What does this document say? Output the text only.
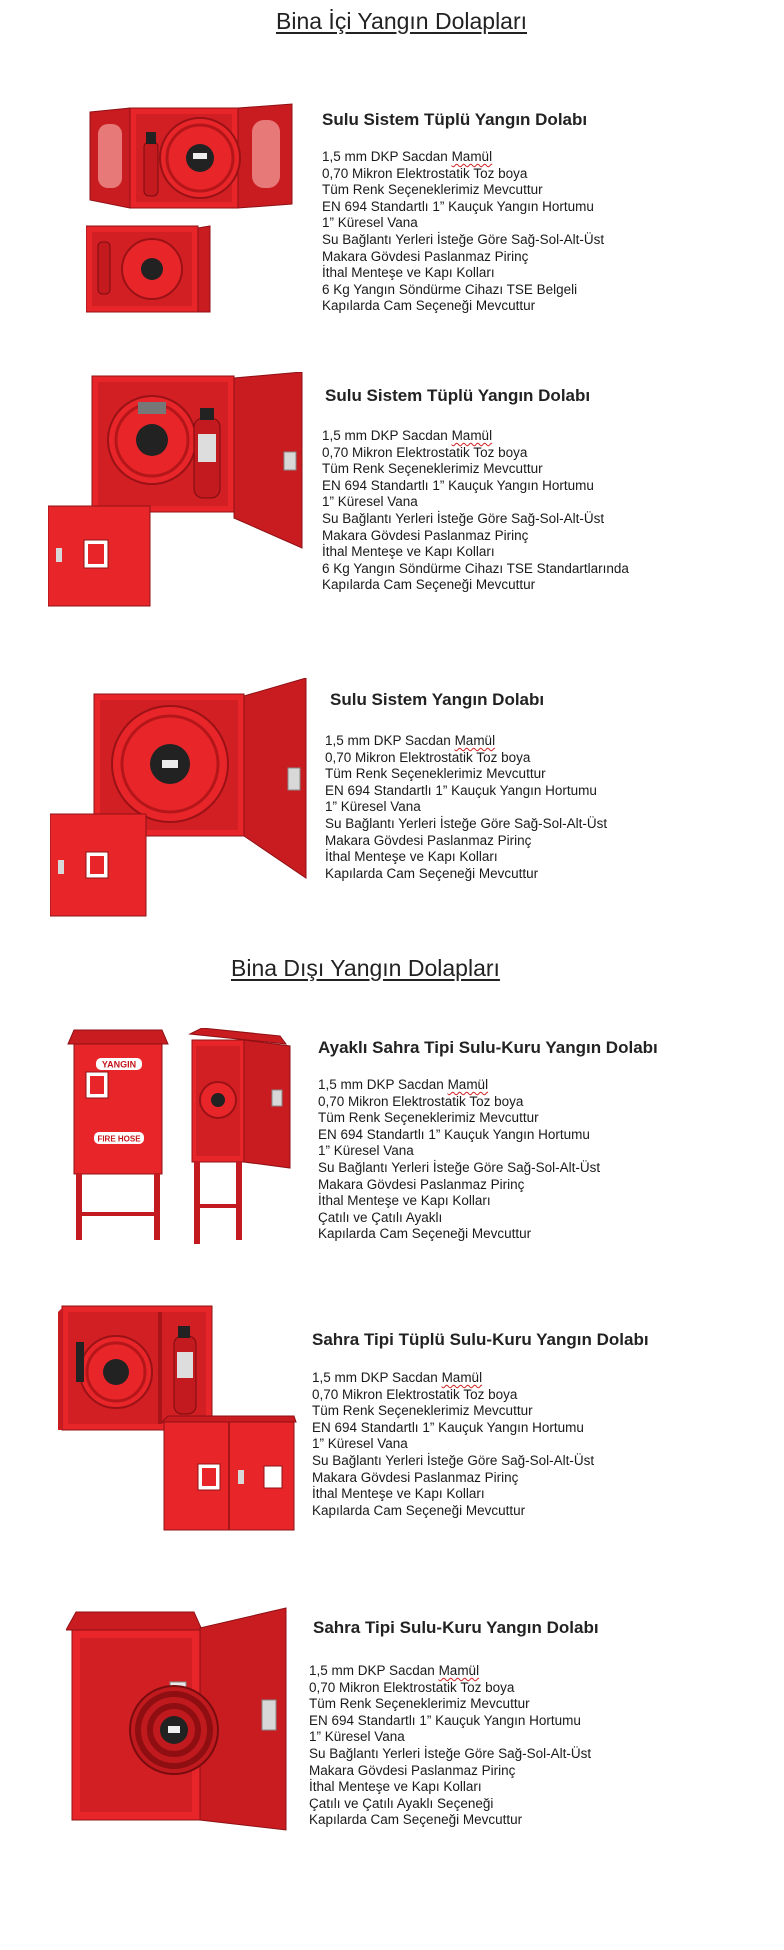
Bina İçi Yangın Dolapları
Bina Dışı Yangın Dolapları
Sulu Sistem Tüplü Yangın Dolabı
1,5 mm DKP Sacdan Mamül
0,70 Mikron Elektrostatik Toz boya
Tüm Renk Seçeneklerimiz Mevcuttur
EN 694 Standartlı 1” Kauçuk Yangın Hortumu
1” Küresel Vana
Su Bağlantı Yerleri İsteğe Göre Sağ-Sol-Alt-Üst
Makara Gövdesi Paslanmaz Pirinç
İthal Menteşe ve Kapı Kolları
6 Kg Yangın Söndürme Cihazı TSE Belgeli
Kapılarda Cam Seçeneği Mevcuttur
Sulu Sistem Tüplü Yangın Dolabı
1,5 mm DKP Sacdan Mamül
0,70 Mikron Elektrostatik Toz boya
Tüm Renk Seçeneklerimiz Mevcuttur
EN 694 Standartlı 1” Kauçuk Yangın Hortumu
1” Küresel Vana
Su Bağlantı Yerleri İsteğe Göre Sağ-Sol-Alt-Üst
Makara Gövdesi Paslanmaz Pirinç
İthal Menteşe ve Kapı Kolları
6 Kg Yangın Söndürme Cihazı TSE Standartlarında
Kapılarda Cam Seçeneği Mevcuttur
Sulu Sistem Yangın Dolabı
1,5 mm DKP Sacdan Mamül
0,70 Mikron Elektrostatik Toz boya
Tüm Renk Seçeneklerimiz Mevcuttur
EN 694 Standartlı 1” Kauçuk Yangın Hortumu
1” Küresel Vana
Su Bağlantı Yerleri İsteğe Göre Sağ-Sol-Alt-Üst
Makara Gövdesi Paslanmaz Pirinç
İthal Menteşe ve Kapı Kolları
Kapılarda Cam Seçeneği Mevcuttur
YANGIN
FIRE HOSE
Ayaklı Sahra Tipi Sulu-Kuru Yangın Dolabı
1,5 mm DKP Sacdan Mamül
0,70 Mikron Elektrostatik Toz boya
Tüm Renk Seçeneklerimiz Mevcuttur
EN 694 Standartlı 1” Kauçuk Yangın Hortumu
1” Küresel Vana
Su Bağlantı Yerleri İsteğe Göre Sağ-Sol-Alt-Üst
Makara Gövdesi Paslanmaz Pirinç
İthal Menteşe ve Kapı Kolları
Çatılı ve Çatılı Ayaklı
Kapılarda Cam Seçeneği Mevcuttur
Sahra Tipi Tüplü Sulu-Kuru Yangın Dolabı
1,5 mm DKP Sacdan Mamül
0,70 Mikron Elektrostatik Toz boya
Tüm Renk Seçeneklerimiz Mevcuttur
EN 694 Standartlı 1” Kauçuk Yangın Hortumu
1” Küresel Vana
Su Bağlantı Yerleri İsteğe Göre Sağ-Sol-Alt-Üst
Makara Gövdesi Paslanmaz Pirinç
İthal Menteşe ve Kapı Kolları
Kapılarda Cam Seçeneği Mevcuttur
Sahra Tipi Sulu-Kuru Yangın Dolabı
1,5 mm DKP Sacdan Mamül
0,70 Mikron Elektrostatik Toz boya
Tüm Renk Seçeneklerimiz Mevcuttur
EN 694 Standartlı 1” Kauçuk Yangın Hortumu
1” Küresel Vana
Su Bağlantı Yerleri İsteğe Göre Sağ-Sol-Alt-Üst
Makara Gövdesi Paslanmaz Pirinç
İthal Menteşe ve Kapı Kolları
Çatılı ve Çatılı Ayaklı Seçeneği
Kapılarda Cam Seçeneği Mevcuttur
